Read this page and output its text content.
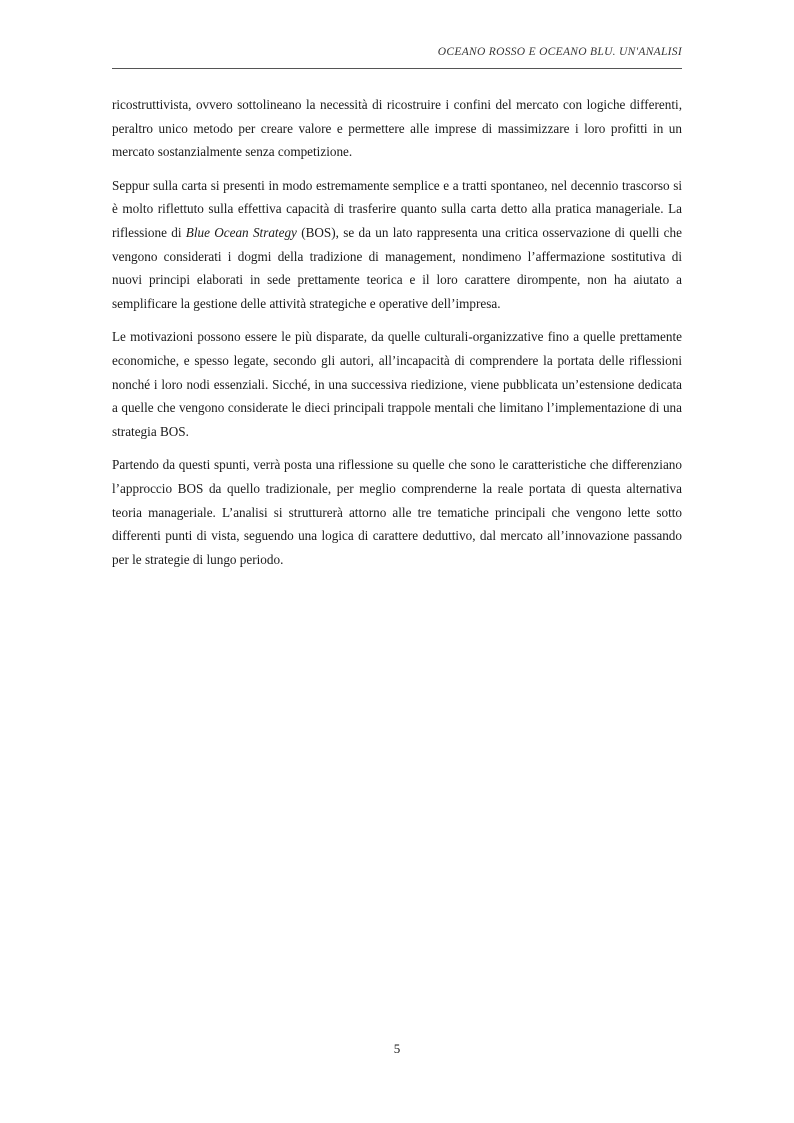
OCEANO ROSSO E OCEANO BLU. UN'ANALISI

ricostruttivista, ovvero sottolineano la necessità di ricostruire i confini del mercato con logiche differenti, peraltro unico metodo per creare valore e permettere alle imprese di massimizzare i loro profitti in un mercato sostanzialmente senza competizione.

Seppur sulla carta si presenti in modo estremamente semplice e a tratti spontaneo, nel decennio trascorso si è molto riflettuto sulla effettiva capacità di trasferire quanto sulla carta detto alla pratica manageriale. La riflessione di Blue Ocean Strategy (BOS), se da un lato rappresenta una critica osservazione di quelli che vengono considerati i dogmi della tradizione di management, nondimeno l’affermazione sostitutiva di nuovi principi elaborati in sede prettamente teorica e il loro carattere dirompente, non ha aiutato a semplificare la gestione delle attività strategiche e operative dell’impresa.

Le motivazioni possono essere le più disparate, da quelle culturali-organizzative fino a quelle prettamente economiche, e spesso legate, secondo gli autori, all’incapacità di comprendere la portata delle riflessioni nonché i loro nodi essenziali. Sicché, in una successiva riedizione, viene pubblicata un’estensione dedicata a quelle che vengono considerate le dieci principali trappole mentali che limitano l’implementazione di una strategia BOS.

Partendo da questi spunti, verrà posta una riflessione su quelle che sono le caratteristiche che differenziano l’approccio BOS da quello tradizionale, per meglio comprenderne la reale portata di questa alternativa teoria manageriale. L’analisi si strutturerà attorno alle tre tematiche principali che vengono lette sotto differenti punti di vista, seguendo una logica di carattere deduttivo, dal mercato all’innovazione passando per le strategie di lungo periodo.

5
